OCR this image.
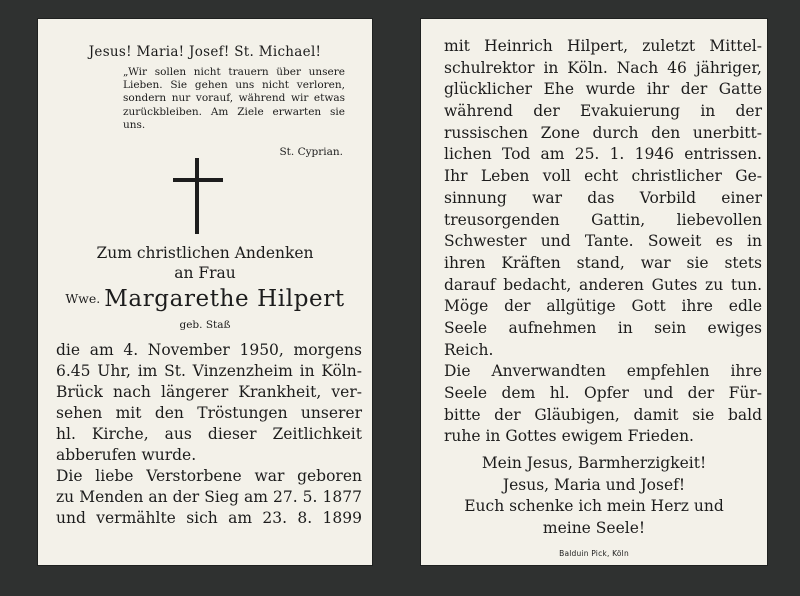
Jesus! Maria! Josef! St. Michael!
„Wir sollen nicht trauern über unsere Lieben. Sie gehen uns nicht verloren, sondern nur vorauf, während wir etwas zurückbleiben. Am Ziele erwarten sie uns.
St. Cyprian.
Zum christlichen Andenken
an Frau
Wwe. Margarethe Hilpert
geb. Staß
die am 4. November 1950, morgens
6.45 Uhr, im St. Vinzenzheim in Köln-
Brück nach längerer Krankheit, ver-
sehen mit den Tröstungen unserer
hl. Kirche, aus dieser Zeitlichkeit
abberufen wurde.
Die liebe Verstorbene war geboren
zu Menden an der Sieg am 27. 5. 1877
und vermählte sich am 23. 8. 1899
mit Heinrich Hilpert, zuletzt Mittel-
schulrektor in Köln. Nach 46 jähriger,
glücklicher Ehe wurde ihr der Gatte
während der Evakuierung in der
russischen Zone durch den unerbitt-
lichen Tod am 25. 1. 1946 entrissen.
Ihr Leben voll echt christlicher Ge-
sinnung war das Vorbild einer
treusorgenden Gattin, liebevollen
Schwester und Tante. Soweit es in
ihren Kräften stand, war sie stets
darauf bedacht, anderen Gutes zu tun.
Möge der allgütige Gott ihre edle
Seele aufnehmen in sein ewiges
Reich.
Die Anverwandten empfehlen ihre
Seele dem hl. Opfer und der Für-
bitte der Gläubigen, damit sie bald
ruhe in Gottes ewigem Frieden.
Mein Jesus, Barmherzigkeit!
Jesus, Maria und Josef!
Euch schenke ich mein Herz und
meine Seele!
Balduin Pick, Köln
